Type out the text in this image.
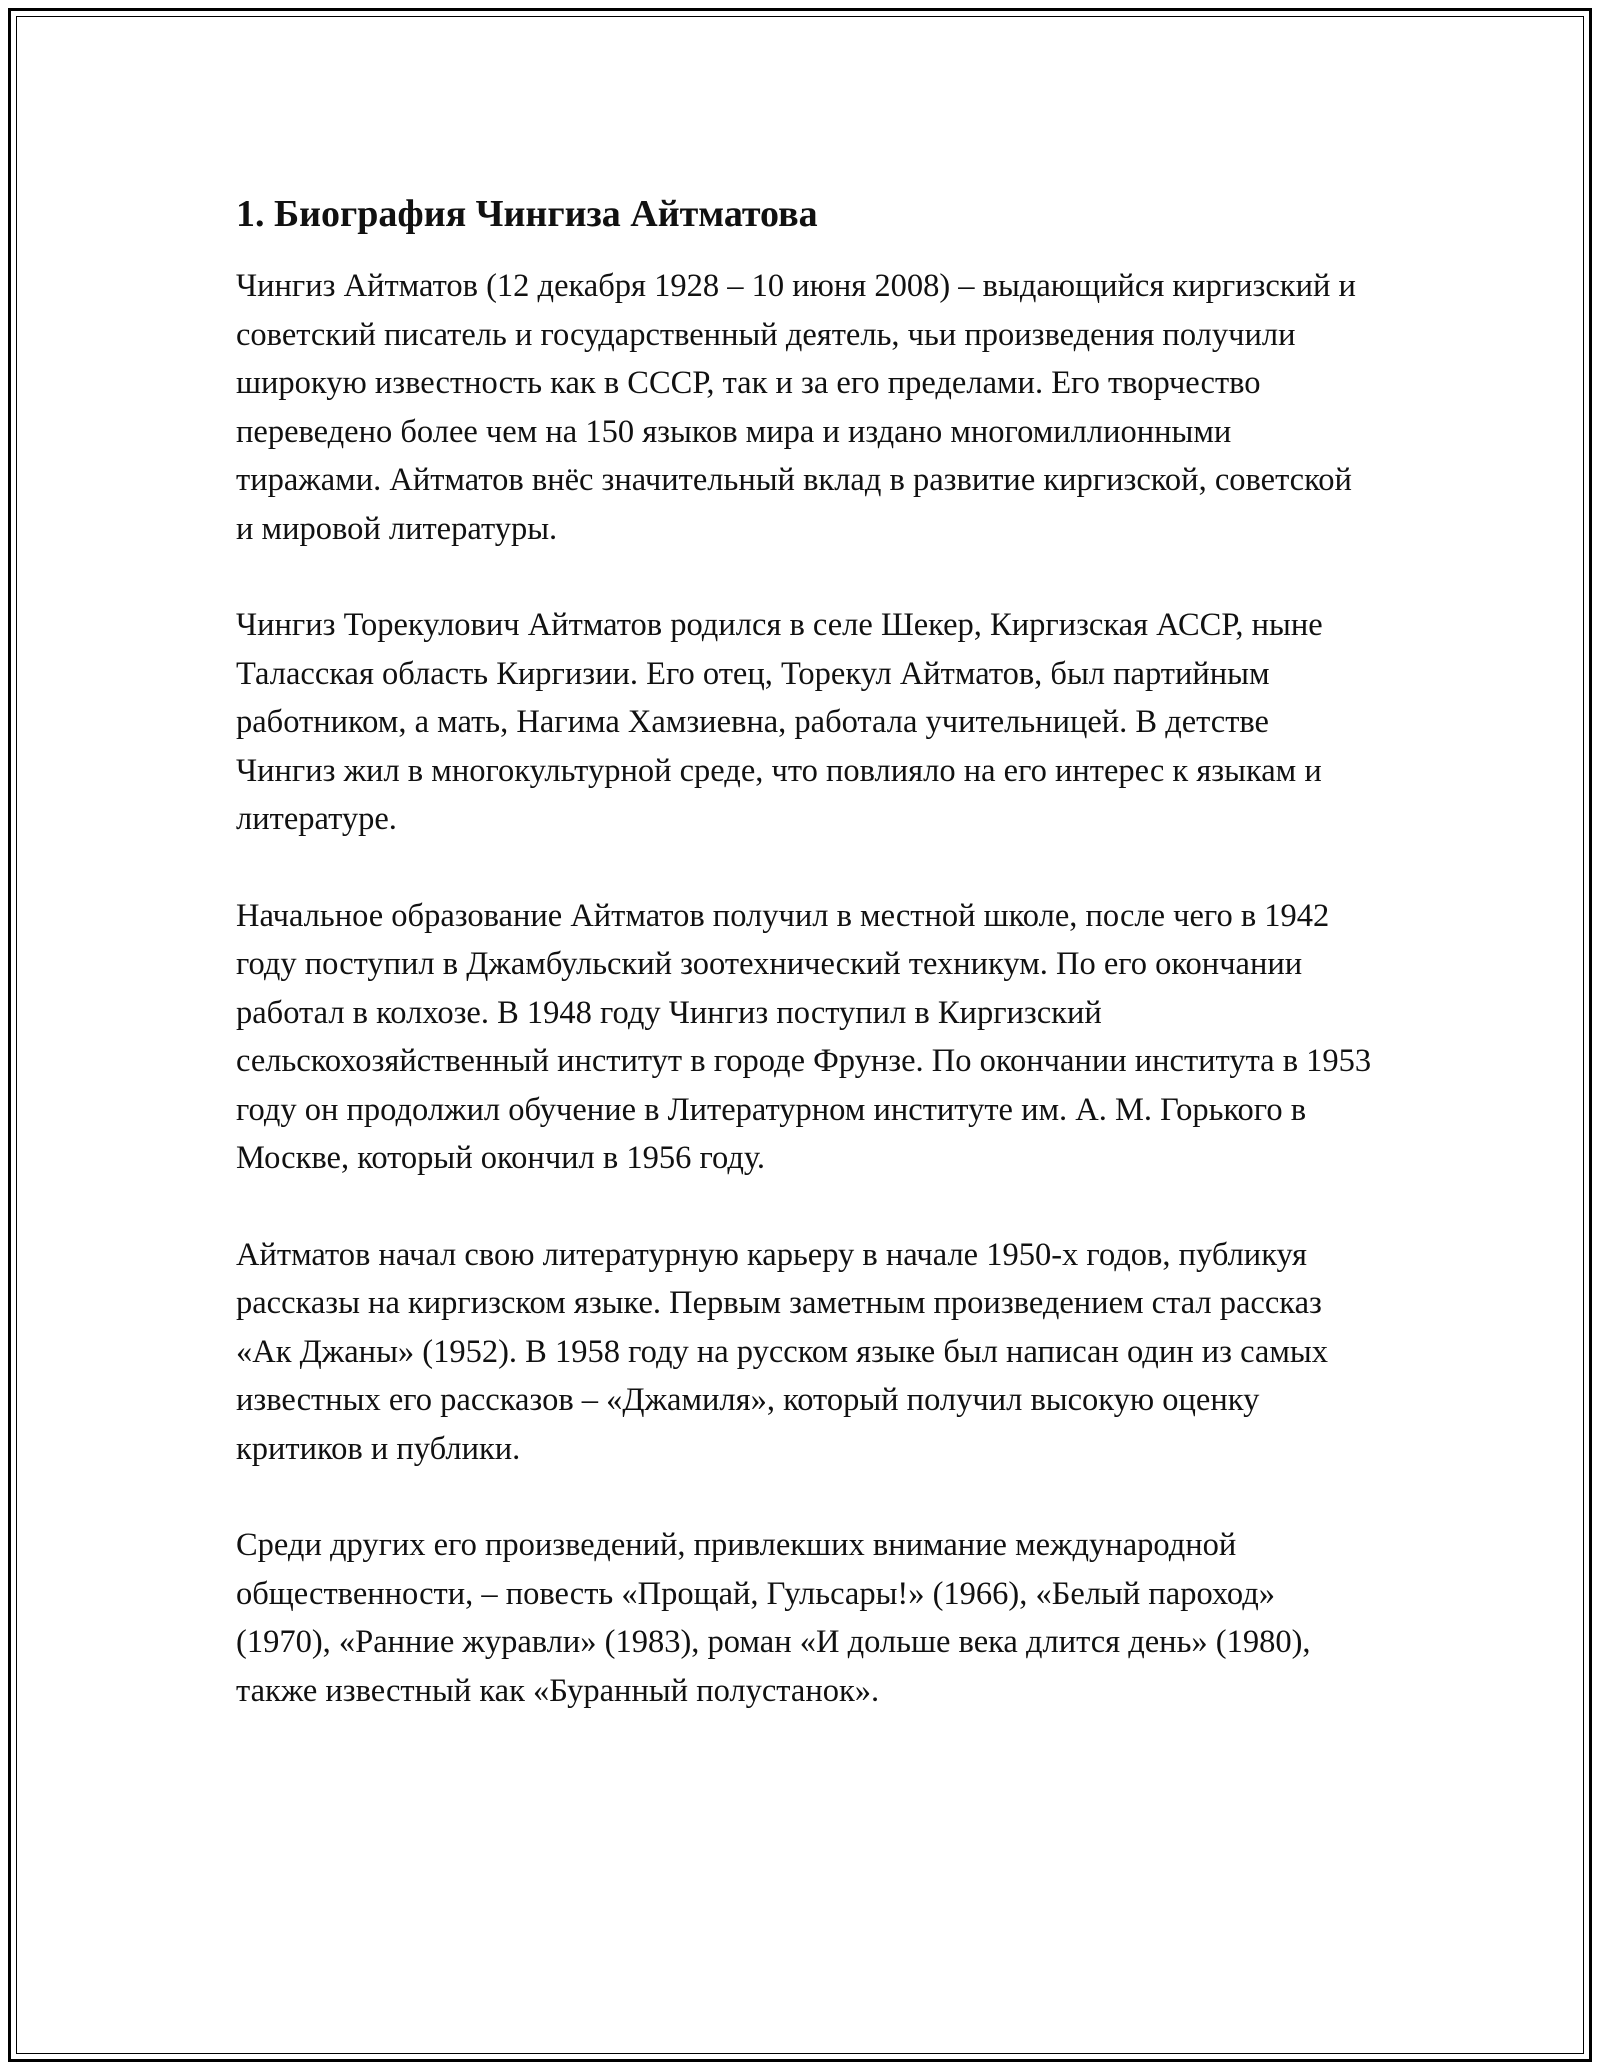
1. Биография Чингиза Айтматова

Чингиз Айтматов (12 декабря 1928 – 10 июня 2008) – выдающийся киргизский и советский писатель и государственный деятель, чьи произведения получили широкую известность как в СССР, так и за его пределами. Его творчество переведено более чем на 150 языков мира и издано многомиллионными тиражами. Айтматов внёс значительный вклад в развитие киргизской, советской и мировой литературы.

Чингиз Торекулович Айтматов родился в селе Шекер, Киргизская АССР, ныне Таласская область Киргизии. Его отец, Торекул Айтматов, был партийным работником, а мать, Нагима Хамзиевна, работала учительницей. В детстве Чингиз жил в многокультурной среде, что повлияло на его интерес к языкам и литературе.

Начальное образование Айтматов получил в местной школе, после чего в 1942 году поступил в Джамбульский зоотехнический техникум. По его окончании работал в колхозе. В 1948 году Чингиз поступил в Киргизский сельскохозяйственный институт в городе Фрунзе. По окончании института в 1953 году он продолжил обучение в Литературном институте им. А. М. Горького в Москве, который окончил в 1956 году.

Айтматов начал свою литературную карьеру в начале 1950-х годов, публикуя рассказы на киргизском языке. Первым заметным произведением стал рассказ «Ак Джаны» (1952). В 1958 году на русском языке был написан один из самых известных его рассказов – «Джамиля», который получил высокую оценку критиков и публики.

Среди других его произведений, привлекших внимание международной общественности, – повесть «Прощай, Гульсары!» (1966), «Белый пароход» (1970), «Ранние журавли» (1983), роман «И дольше века длится день» (1980), также известный как «Буранный полустанок».
